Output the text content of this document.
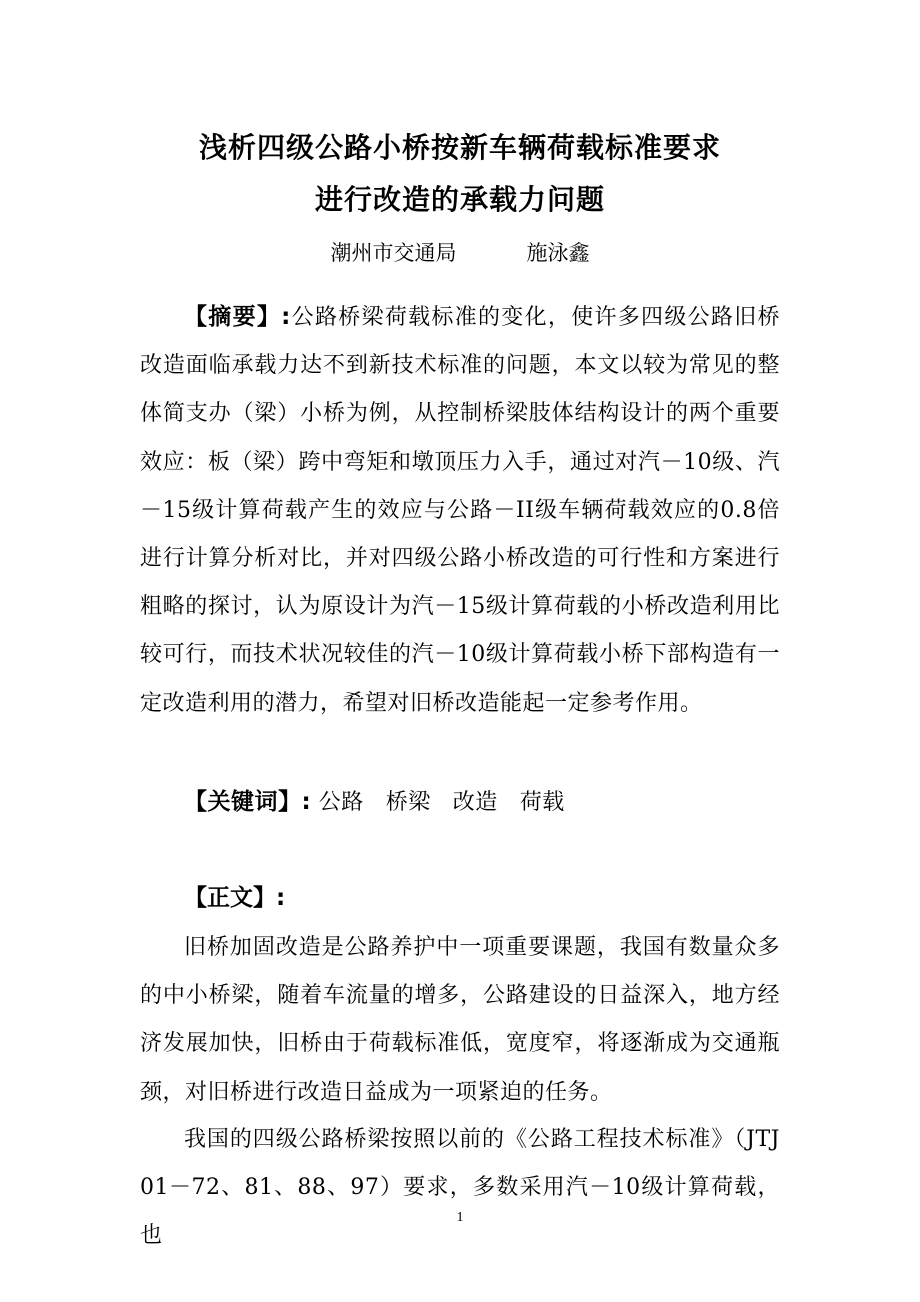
浅析四级公路小桥按新车辆荷载标准要求
进行改造的承载力问题
潮州市交通局	施泳鑫

【摘要】:公路桥梁荷载标准的变化，使许多四级公路旧桥改造面临承载力达不到新技术标准的问题，本文以较为常见的整体简支办（梁）小桥为例，从控制桥梁肢体结构设计的两个重要效应：板（梁）跨中弯矩和墩顶压力入手，通过对汽－10级、汽－15级计算荷载产生的效应与公路－II级车辆荷载效应的0.8倍进行计算分析对比，并对四级公路小桥改造的可行性和方案进行粗略的探讨，认为原设计为汽－15级计算荷载的小桥改造利用比较可行，而技术状况较佳的汽－10级计算荷载小桥下部构造有一定改造利用的潜力，希望对旧桥改造能起一定参考作用。

【关键词】: 公路 桥梁 改造 荷载

【正文】:

旧桥加固改造是公路养护中一项重要课题，我国有数量众多的中小桥梁，随着车流量的增多，公路建设的日益深入，地方经济发展加快，旧桥由于荷载标准低，宽度窄，将逐渐成为交通瓶颈，对旧桥进行改造日益成为一项紧迫的任务。

我国的四级公路桥梁按照以前的《公路工程技术标准》（JTJ 01－72、81、88、97）要求，多数采用汽－10级计算荷载，也

1
